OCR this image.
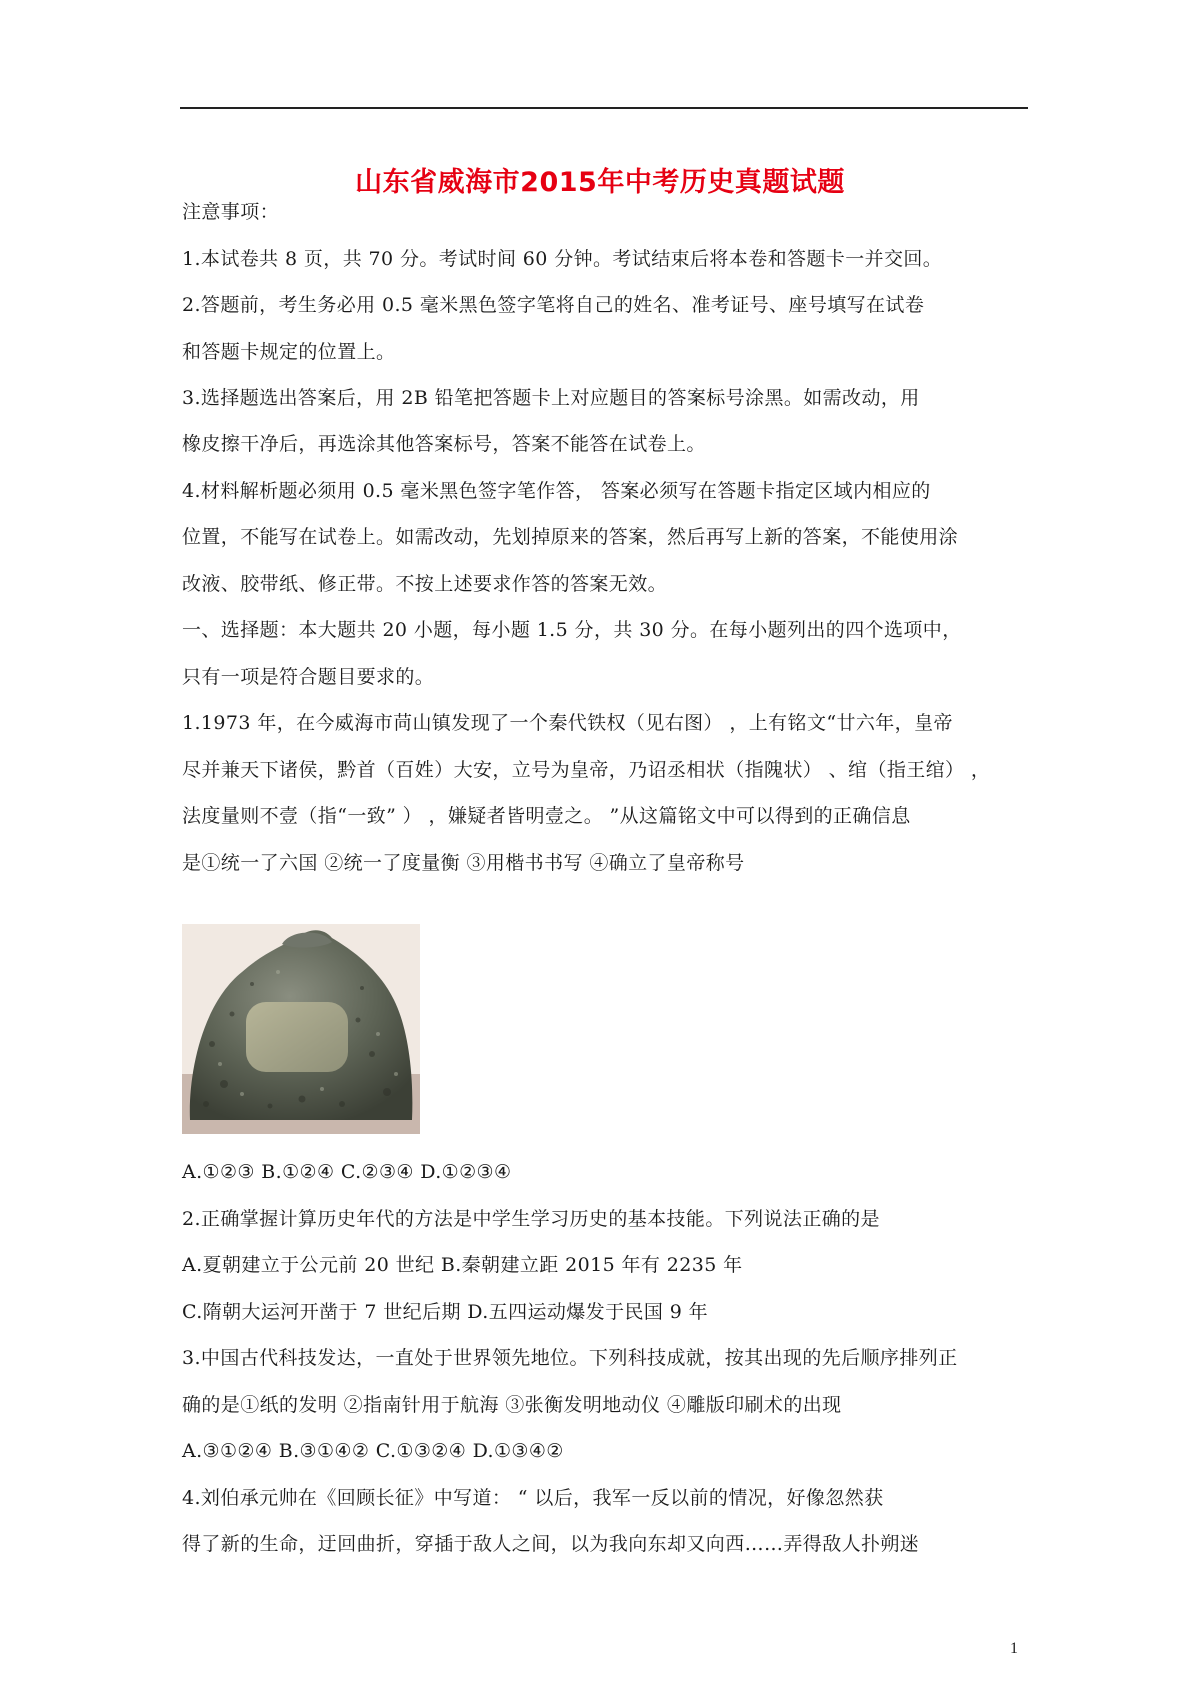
山东省威海市2015年中考历史真题试题
注意事项：
1.本试卷共 8 页，共 70 分。考试时间 60 分钟。考试结束后将本卷和答题卡一并交回。
2.答题前，考生务必用 0.5 毫米黑色签字笔将自己的姓名、准考证号、座号填写在试卷
和答题卡规定的位置上。
3.选择题选出答案后，用 2B 铅笔把答题卡上对应题目的答案标号涂黑。如需改动，用
橡皮擦干净后，再选涂其他答案标号，答案不能答在试卷上。
4.材料解析题必须用 0.5 毫米黑色签字笔作答， 答案必须写在答题卡指定区域内相应的
位置，不能写在试卷上。如需改动，先划掉原来的答案，然后再写上新的答案，不能使用涂
改液、胶带纸、修正带。不按上述要求作答的答案无效。
一、选择题：本大题共 20 小题，每小题 1.5 分，共 30 分。在每小题列出的四个选项中，
只有一项是符合题目要求的。
1.1973 年，在今威海市苘山镇发现了一个秦代铁权（见右图） ，上有铭文“廿六年，皇帝
尽并兼天下诸侯，黔首（百姓）大安，立号为皇帝，乃诏丞相状（指隗状） 、绾（指王绾） ，
法度量则不壹（指“一致” ） ，嫌疑者皆明壹之。 ”从这篇铭文中可以得到的正确信息
是①统一了六国 ②统一了度量衡 ③用楷书书写 ④确立了皇帝称号
A.①②③ B.①②④ C.②③④ D.①②③④
2.正确掌握计算历史年代的方法是中学生学习历史的基本技能。下列说法正确的是
A.夏朝建立于公元前 20 世纪 B.秦朝建立距 2015 年有 2235 年
C.隋朝大运河开凿于 7 世纪后期 D.五四运动爆发于民国 9 年
3.中国古代科技发达，一直处于世界领先地位。下列科技成就，按其出现的先后顺序排列正
确的是①纸的发明 ②指南针用于航海 ③张衡发明地动仪 ④雕版印刷术的出现
A.③①②④ B.③①④② C.①③②④ D.①③④②
4.刘伯承元帅在《回顾长征》中写道： “ 以后，我军一反以前的情况，好像忽然获
得了新的生命，迂回曲折，穿插于敌人之间，以为我向东却又向西……弄得敌人扑朔迷
1
